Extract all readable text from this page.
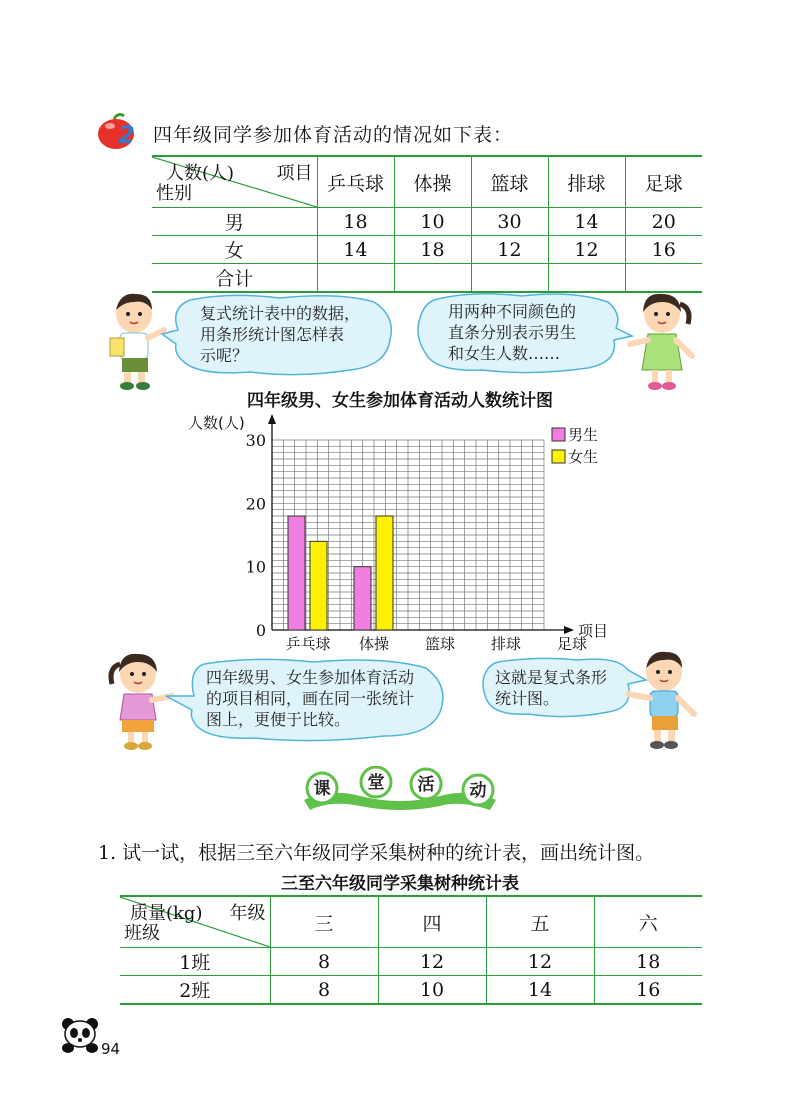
2 四年级同学参加体育活动的情况如下表：
人数(人) 项目
性别	乒乓球	体操	篮球	排球	足球
男	18	10	30	14	20
女	14	18	12	12	16
合计					
复式统计表中的数据，
用条形统计图怎样表
示呢？
用两种不同颜色的
直条分别表示男生
和女生人数……
四年级男、女生参加体育活动人数统计图
0
10
20
30
人数(人)
项目
乒乓球 体操 篮球 排球 足球
男生
女生
四年级男、女生参加体育活动
的项目相同，画在同一张统计
图上，更便于比较。
这就是复式条形
统计图。
课 堂 活 动
1. 试一试，根据三至六年级同学采集树种的统计表，画出统计图。
三至六年级同学采集树种统计表
质量(kg) 年级
班级	三	四	五	六
1班	8	12	12	18
2班	8	10	14	16
94
